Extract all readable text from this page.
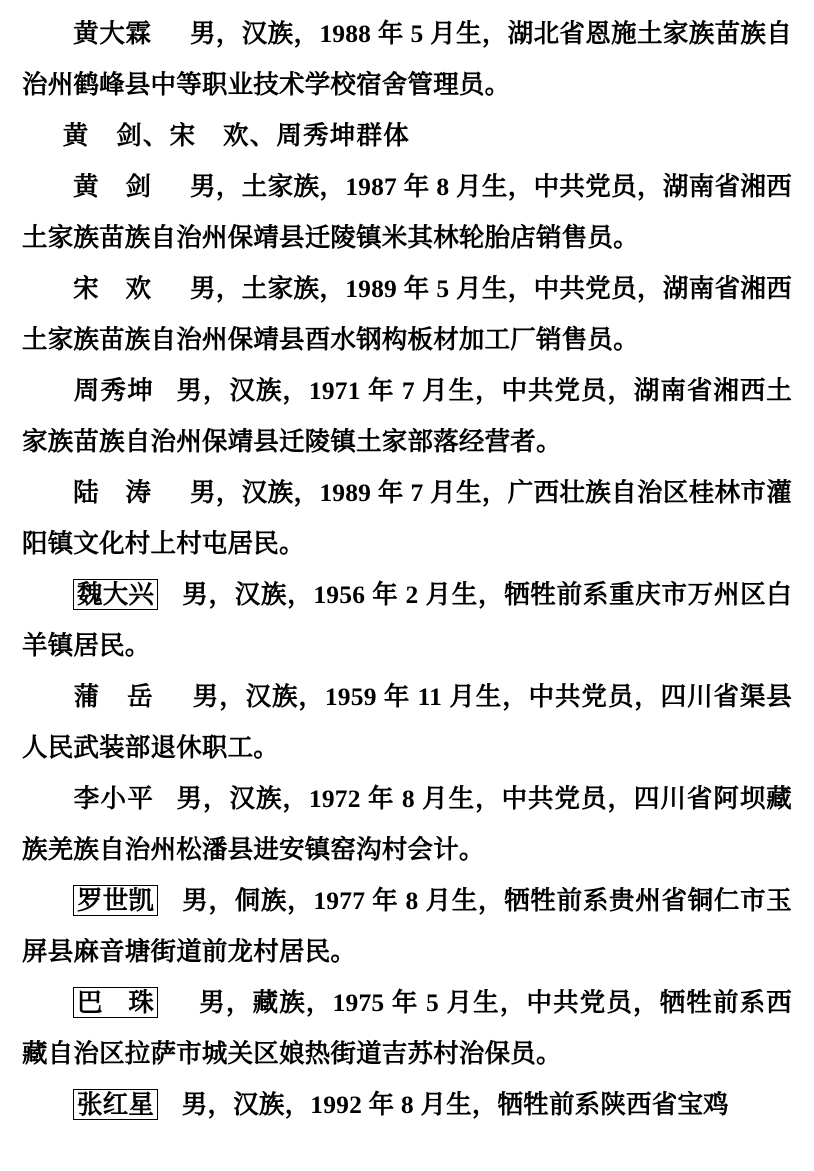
黄大霖 男，汉族，1988 年 5 月生，湖北省恩施土家族苗族自治州鹤峰县中等职业技术学校宿舍管理员。
黄　剑、宋　欢、周秀坤群体
黄　剑 男，土家族，1987 年 8 月生，中共党员，湖南省湘西土家族苗族自治州保靖县迁陵镇米其林轮胎店销售员。
宋　欢 男，土家族，1989 年 5 月生，中共党员，湖南省湘西土家族苗族自治州保靖县酉水钢构板材加工厂销售员。
周秀坤 男，汉族，1971 年 7 月生，中共党员，湖南省湘西土家族苗族自治州保靖县迁陵镇土家部落经营者。
陆　涛 男，汉族，1989 年 7 月生，广西壮族自治区桂林市灌阳镇文化村上村屯居民。
魏大兴 男，汉族，1956 年 2 月生，牺牲前系重庆市万州区白羊镇居民。
蒲　岳 男，汉族，1959 年 11 月生，中共党员，四川省渠县人民武装部退休职工。
李小平 男，汉族，1972 年 8 月生，中共党员，四川省阿坝藏族羌族自治州松潘县进安镇窑沟村会计。
罗世凯 男，侗族，1977 年 8 月生，牺牲前系贵州省铜仁市玉屏县麻音塘街道前龙村居民。
巴　珠 男，藏族，1975 年 5 月生，中共党员，牺牲前系西藏自治区拉萨市城关区娘热街道吉苏村治保员。
张红星 男，汉族，1992 年 8 月生，牺牲前系陕西省宝鸡
